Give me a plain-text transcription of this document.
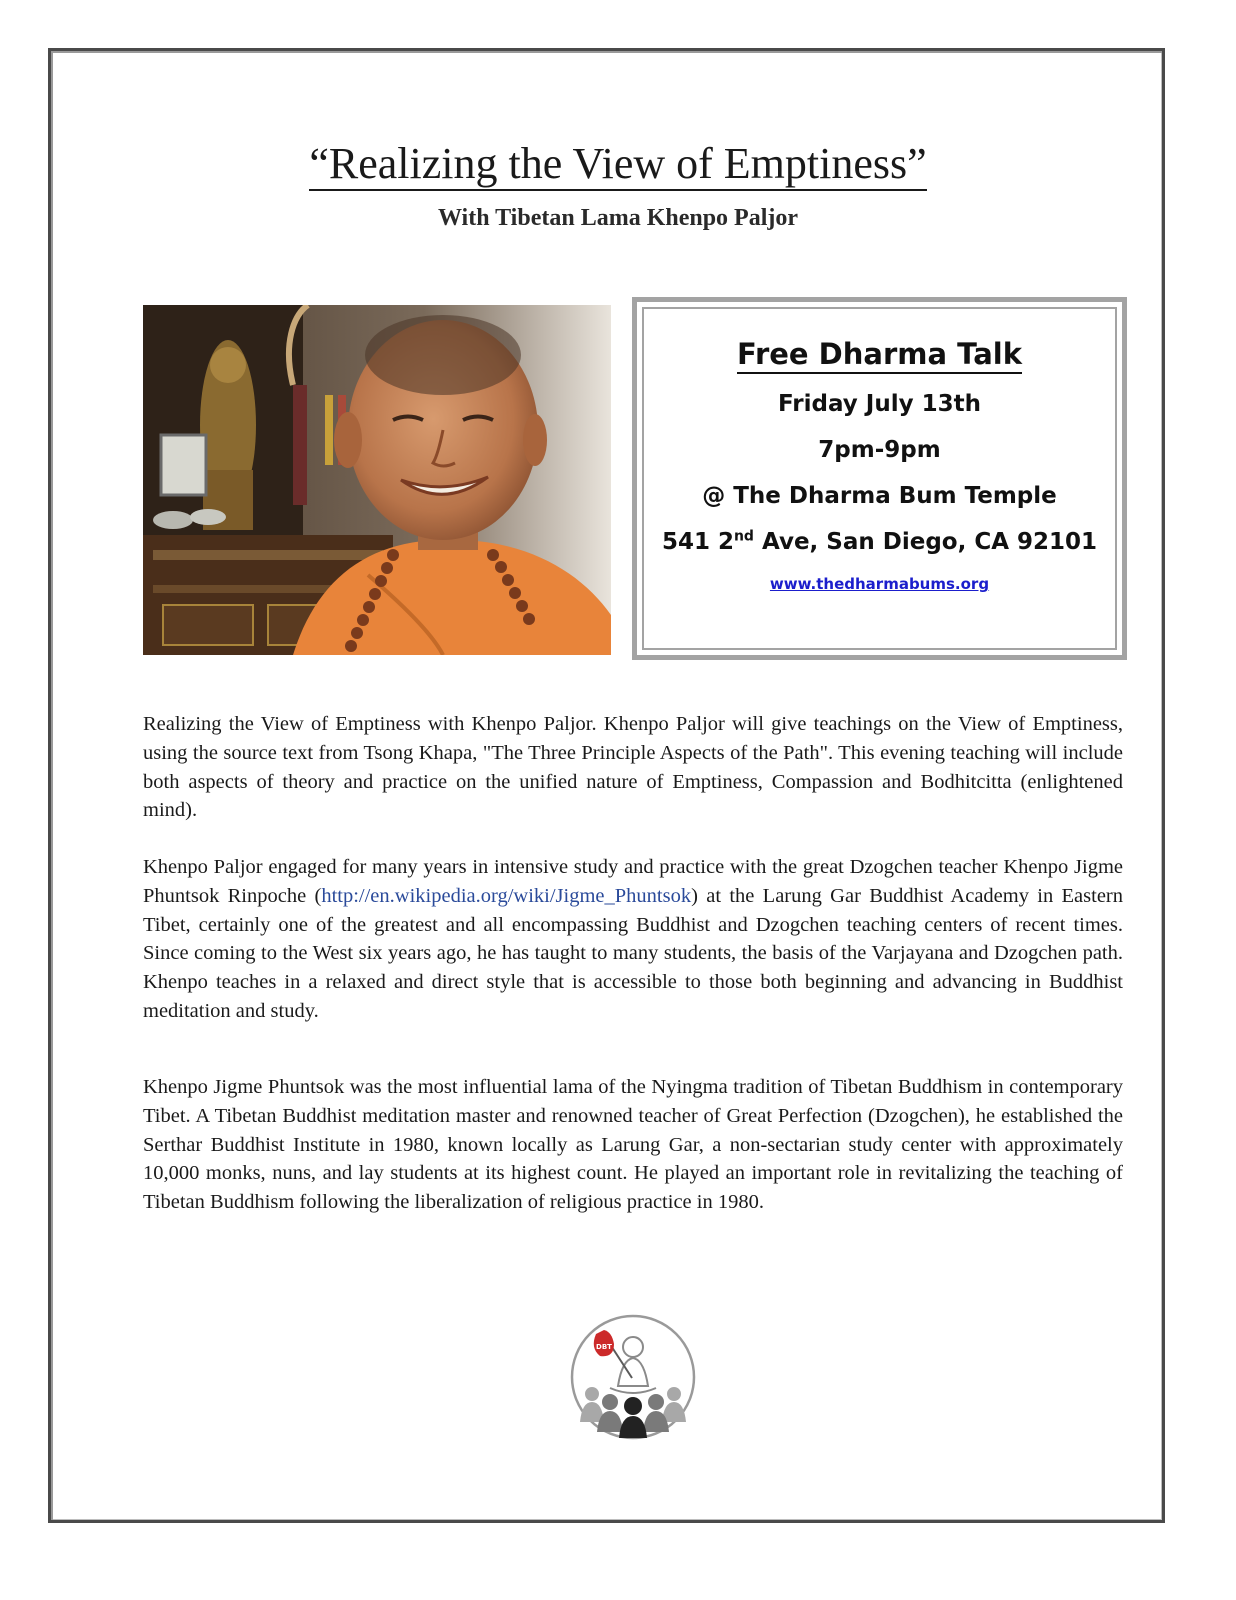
“Realizing the View of Emptiness”
With Tibetan Lama Khenpo Paljor
Free Dharma Talk
Friday July 13th
7pm-9pm
@ The Dharma Bum Temple
541 2nd Ave, San Diego, CA 92101
www.thedharmabums.org
Realizing the View of Emptiness with Khenpo Paljor. Khenpo Paljor will give teachings on the View of Emptiness, using the source text from Tsong Khapa, "The Three Principle Aspects of the Path". This evening teaching will include both aspects of theory and practice on the unified nature of Emptiness, Compassion and Bodhitcitta (enlightened mind).
Khenpo Paljor engaged for many years in intensive study and practice with the great Dzogchen teacher Khenpo Jigme Phuntsok Rinpoche (http://en.wikipedia.org/wiki/Jigme_Phuntsok) at the Larung Gar Buddhist Academy in Eastern Tibet, certainly one of the greatest and all encompassing Buddhist and Dzogchen teaching centers of recent times. Since coming to the West six years ago, he has taught to many students, the basis of the Varjayana and Dzogchen path. Khenpo teaches in a relaxed and direct style that is accessible to those both beginning and advancing in Buddhist meditation and study.
Khenpo Jigme Phuntsok was the most influential lama of the Nyingma tradition of Tibetan Buddhism in contemporary Tibet. A Tibetan Buddhist meditation master and renowned teacher of Great Perfection (Dzogchen), he established the Serthar Buddhist Institute in 1980, known locally as Larung Gar, a non-sectarian study center with approximately 10,000 monks, nuns, and lay students at its highest count. He played an important role in revitalizing the teaching of Tibetan Buddhism following the liberalization of religious practice in 1980.
DBT
